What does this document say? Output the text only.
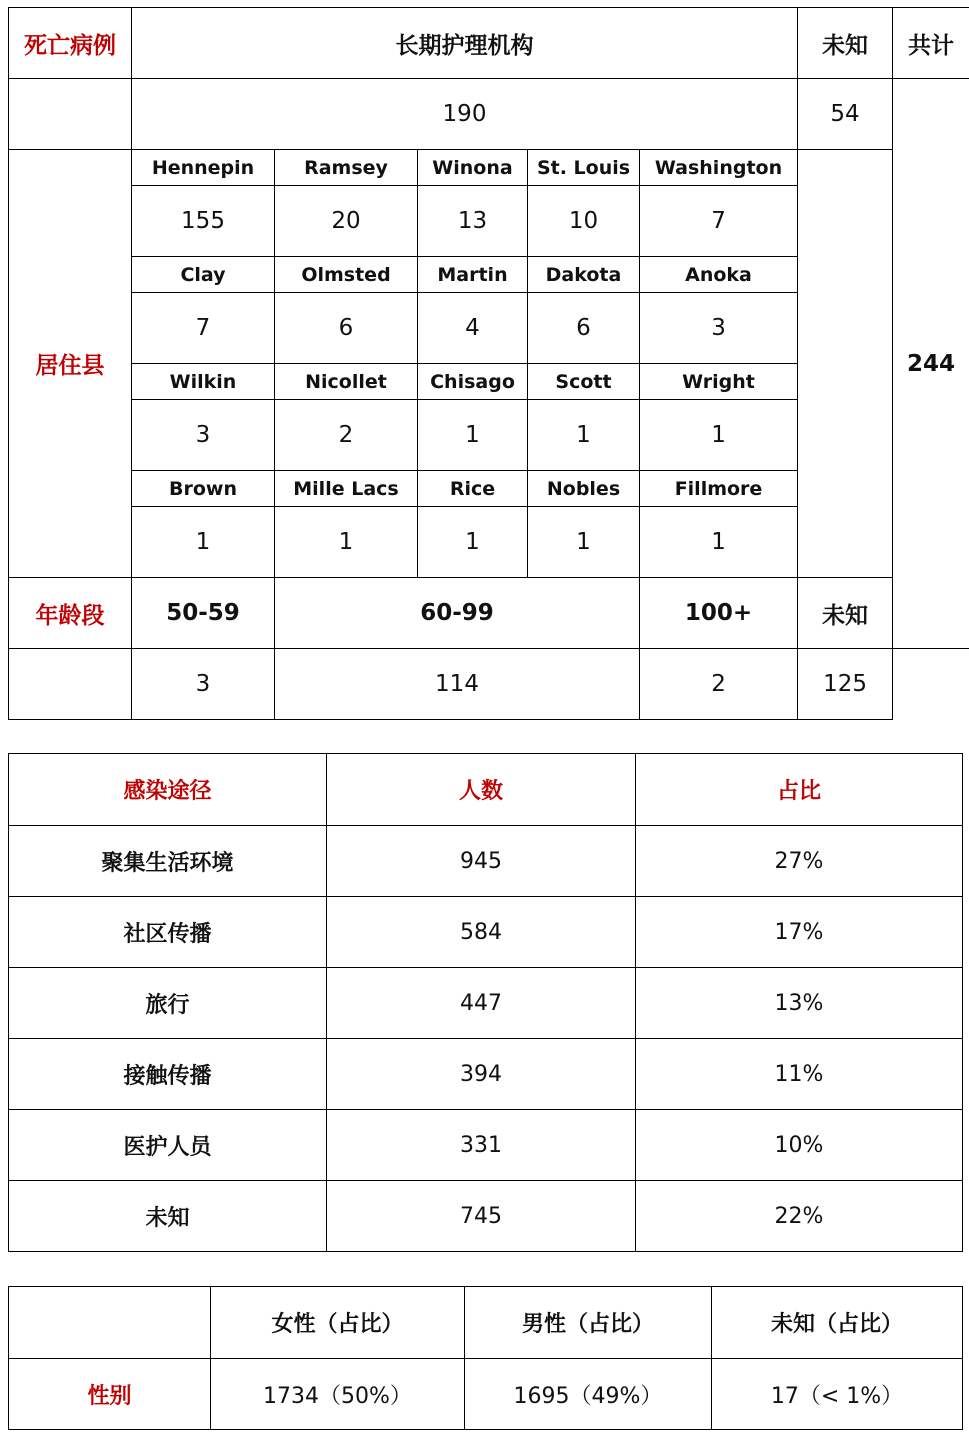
死亡病例	长期护理机构					未知	共计
	190					54	244
居住县	Hennepin	Ramsey	Winona	St. Louis	Washington		
	155	20	13	10	7		
	Clay	Olmsted	Martin	Dakota	Anoka		
	7	6	4	6	3		
	Wilkin	Nicollet	Chisago	Scott	Wright		
	3	2	1	1	1		
	Brown	Mille Lacs	Rice	Nobles	Fillmore		
	1	1	1	1	1		
年龄段	50-59	60-99			100+	未知	
	3	114			2	125	
感染途径	人数	占比
聚集生活环境	945	27%
社区传播	584	17%
旅行	447	13%
接触传播	394	11%
医护人员	331	10%
未知	745	22%
	女性（占比）	男性（占比）	未知（占比）
性别	1734（50%）	1695（49%）	17（< 1%）
